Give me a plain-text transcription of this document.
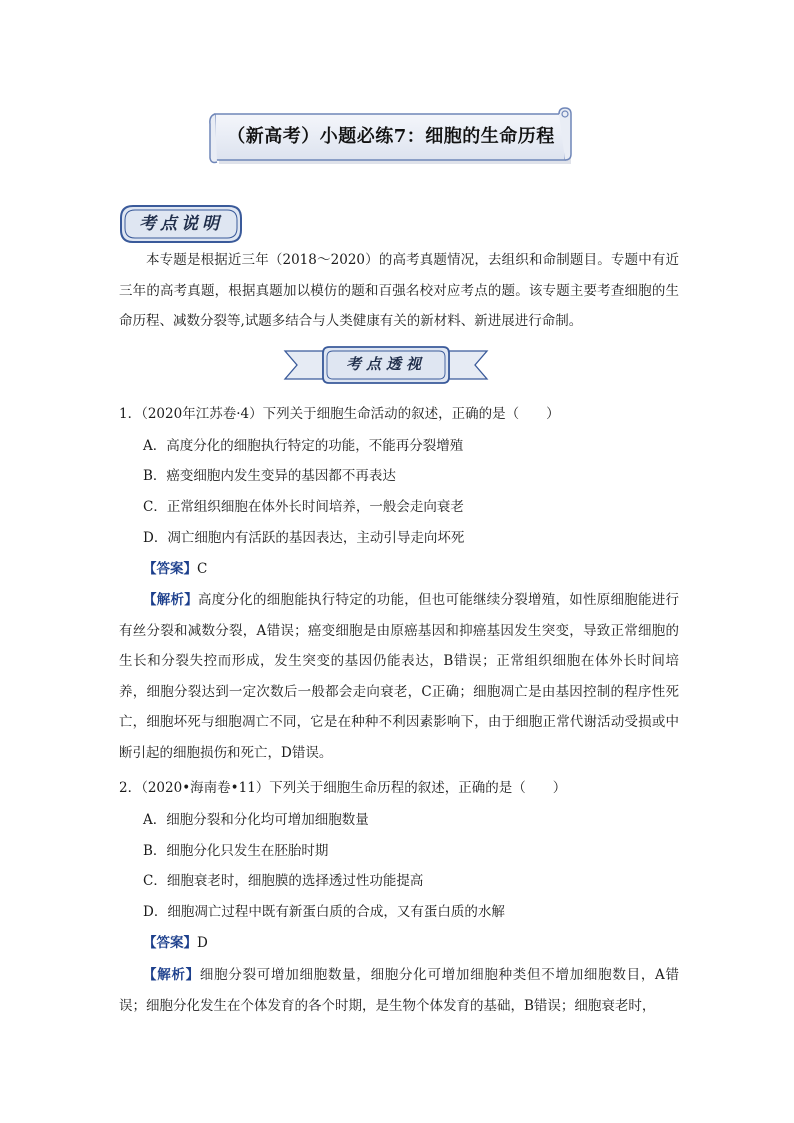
（新高考）小题必练7：细胞的生命历程
考点说明
本专题是根据近三年（2018～2020）的高考真题情况，去组织和命制题目。专题中有近三年的高考真题，根据真题加以模仿的题和百强名校对应考点的题。该专题主要考查细胞的生命历程、减数分裂等,试题多结合与人类健康有关的新材料、新进展进行命制。
考点透视
1．（2020年江苏卷·4）下列关于细胞生命活动的叙述，正确的是（　　）
A．高度分化的细胞执行特定的功能，不能再分裂增殖
B．癌变细胞内发生变异的基因都不再表达
C．正常组织细胞在体外长时间培养，一般会走向衰老
D．凋亡细胞内有活跃的基因表达，主动引导走向坏死
【答案】C
【解析】高度分化的细胞能执行特定的功能，但也可能继续分裂增殖，如性原细胞能进行有丝分裂和减数分裂，A错误；癌变细胞是由原癌基因和抑癌基因发生突变，导致正常细胞的生长和分裂失控而形成，发生突变的基因仍能表达，B错误；正常组织细胞在体外长时间培养，细胞分裂达到一定次数后一般都会走向衰老，C正确；细胞凋亡是由基因控制的程序性死亡，细胞坏死与细胞凋亡不同，它是在种种不利因素影响下，由于细胞正常代谢活动受损或中断引起的细胞损伤和死亡，D错误。
2．（2020•海南卷•11）下列关于细胞生命历程的叙述，正确的是（　　）
A．细胞分裂和分化均可增加细胞数量
B．细胞分化只发生在胚胎时期
C．细胞衰老时，细胞膜的选择透过性功能提高
D．细胞凋亡过程中既有新蛋白质的合成，又有蛋白质的水解
【答案】D
【解析】细胞分裂可增加细胞数量，细胞分化可增加细胞种类但不增加细胞数目，A错误；细胞分化发生在个体发育的各个时期，是生物个体发育的基础，B错误；细胞衰老时，
